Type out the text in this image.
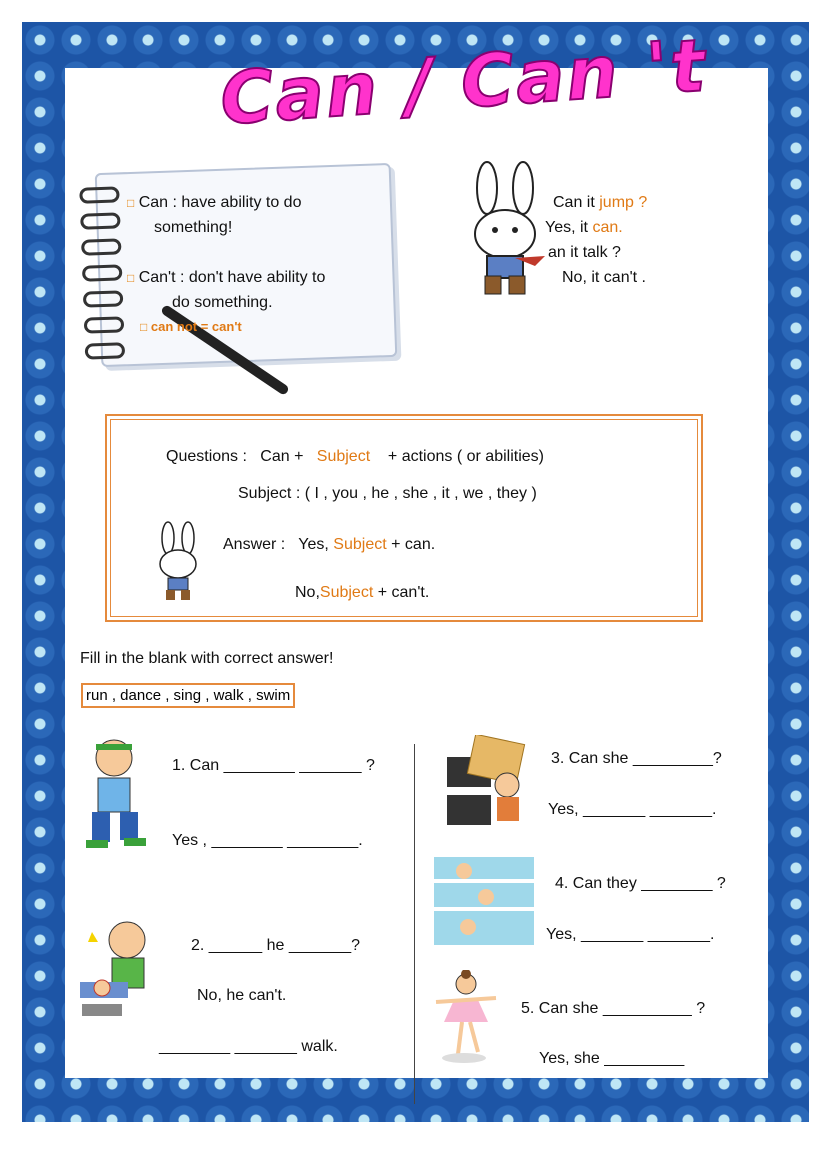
Can / Can 't
□ Can : have ability to do
something!
□ Can't : don't have ability to
do something.
□ can not = can't
Can it jump ?
Yes, it can.
an it talk ?
No, it can't .
Questions : Can + Subject + actions ( or abilities)
Subject : ( I , you , he , she , it , we , they )
Answer : Yes, Subject + can.
No,Subject + can't.
Fill in the blank with correct answer!
run , dance , sing , walk , swim
1. Can ________ _______ ?
Yes , ________ ________.
2. ______ he _______?
No, he can't.
________ _______ walk.
3. Can she _________?
Yes, _______ _______.
4. Can they ________ ?
Yes, _______ _______.
5. Can she __________ ?
Yes, she _________
